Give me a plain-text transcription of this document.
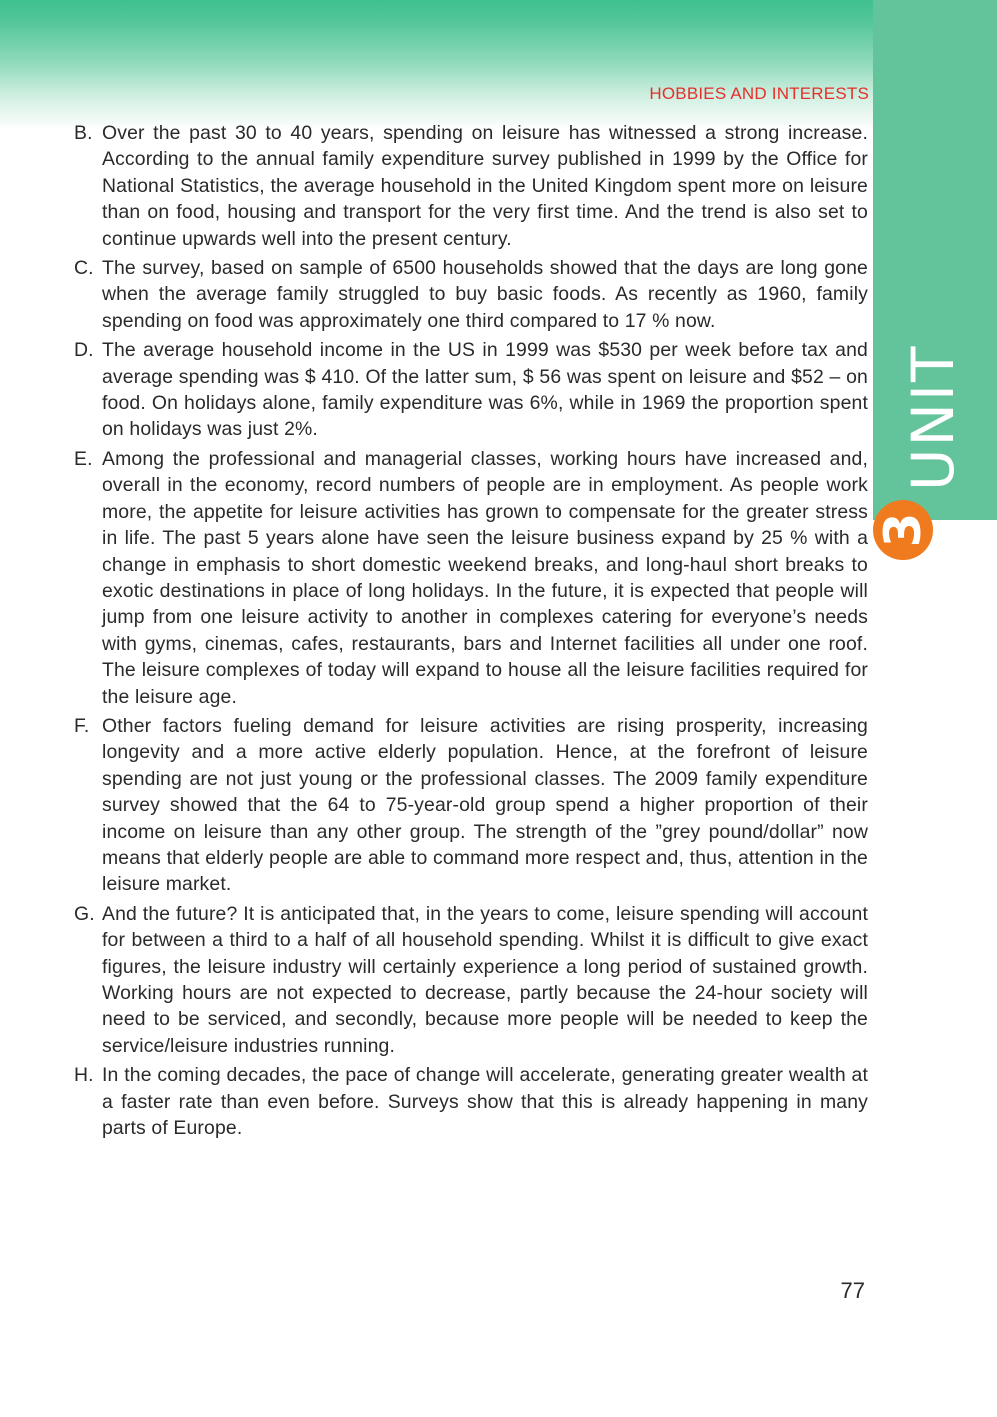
UNIT
3
HOBBIES AND INTERESTS

B. Over the past 30 to 40 years, spending on leisure has witnessed a strong increase. According to the annual family expenditure survey published in 1999 by the Office for National Statistics, the average household in the United Kingdom spent more on leisure than on food, housing and transport for the very first time. And the trend is also set to continue upwards well into the present century.

C. The survey, based on sample of 6500 households showed that the days are long gone when the average family struggled to buy basic foods. As recently as 1960, family spending on food was approximately one third compared to 17 % now.

D. The average household income in the US in 1999 was $530 per week before tax and average spending was $ 410. Of the latter sum, $ 56 was spent on leisure and $52 – on food. On holidays alone, family expenditure was 6%, while in 1969 the proportion spent on holidays was just 2%.

E. Among the professional and managerial classes, working hours have increased and, overall in the economy, record numbers of people are in employment. As people work more, the appetite for leisure activities has grown to compensate for the greater stress in life. The past 5 years alone have seen the leisure business expand by 25 % with a change in emphasis to short domestic weekend breaks, and long-haul short breaks to exotic destinations in place of long holidays. In the future, it is expected that people will jump from one leisure activity to another in complexes catering for everyone’s needs with gyms, cinemas, cafes, restaurants, bars and Internet facilities all under one roof. The leisure complexes of today will expand to house all the leisure facilities required for the leisure age.

F. Other factors fueling demand for leisure activities are rising prosperity, increasing longevity and a more active elderly population. Hence, at the forefront of leisure spending are not just young or the professional classes. The 2009 family expenditure survey showed that the 64 to 75-year-old group spend a higher proportion of their income on leisure than any other group. The strength of the ”grey pound/dollar” now means that elderly people are able to command more respect and, thus, attention in the leisure market.

G. And the future? It is anticipated that, in the years to come, leisure spending will account for between a third to a half of all household spending. Whilst it is difficult to give exact figures, the leisure industry will certainly experience a long period of sustained growth. Working hours are not expected to decrease, partly because the 24-hour society will need to be serviced, and secondly, because more people will be needed to keep the service/leisure industries running.

H. In the coming decades, the pace of change will accelerate, generating greater wealth at a faster rate than even before. Surveys show that this is already happening in many parts of Europe.

77
